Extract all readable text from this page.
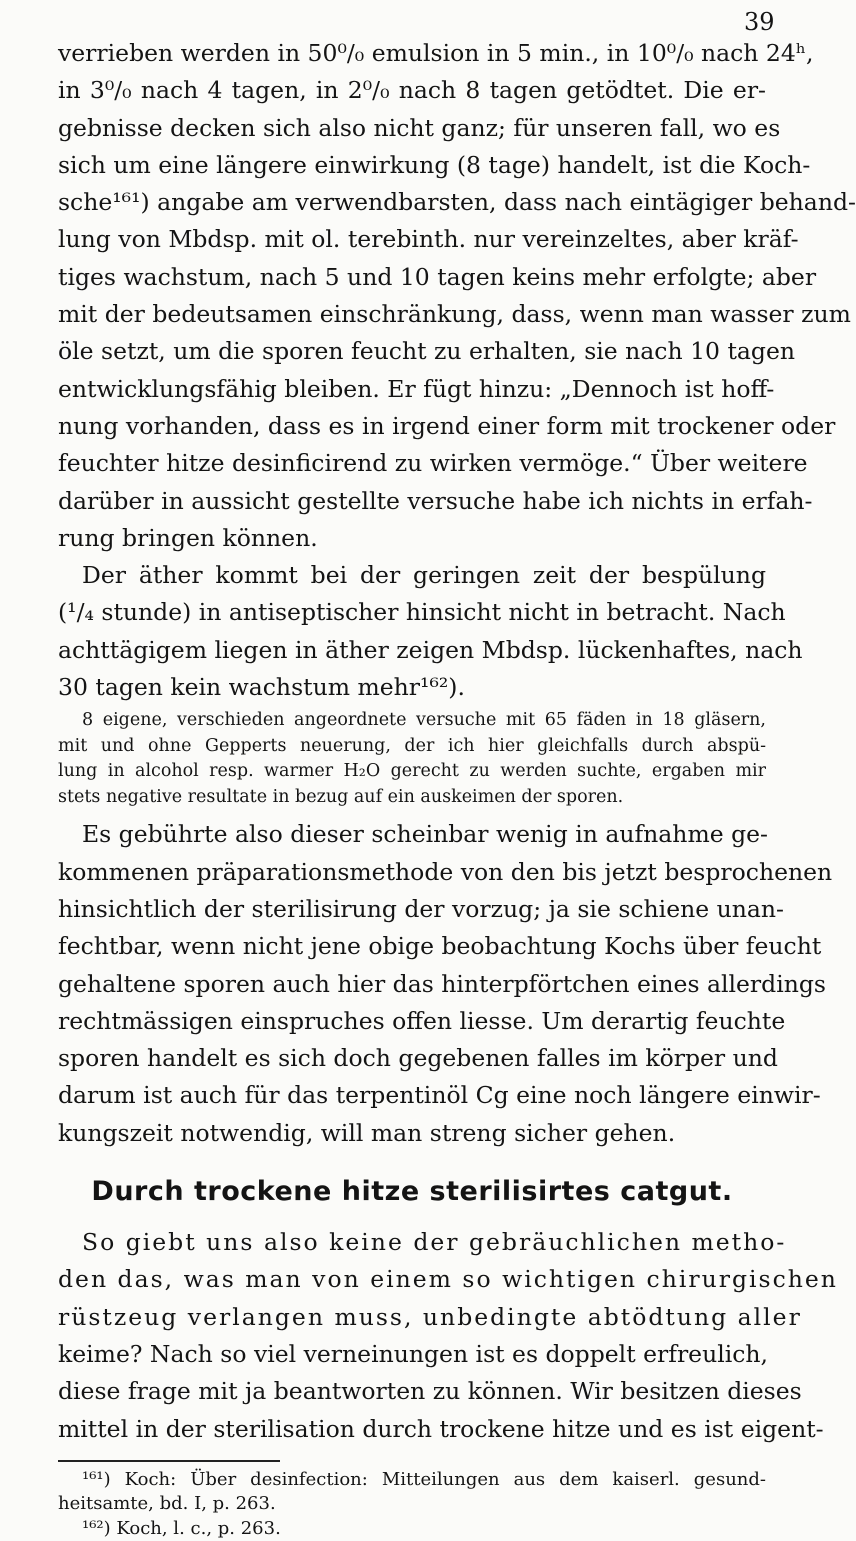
39
verrieben werden in 50⁰/₀ emulsion in 5 min., in 10⁰/₀ nach 24ʰ,
in 3⁰/₀ nach 4 tagen, in 2⁰/₀ nach 8 tagen getödtet. Die er-
gebnisse decken sich also nicht ganz; für unseren fall, wo es
sich um eine längere einwirkung (8 tage) handelt, ist die Koch-
sche¹⁶¹) angabe am verwendbarsten, dass nach eintägiger behand-
lung von Mbdsp. mit ol. terebinth. nur vereinzeltes, aber kräf-
tiges wachstum, nach 5 und 10 tagen keins mehr erfolgte; aber
mit der bedeutsamen einschränkung, dass, wenn man wasser zum
öle setzt, um die sporen feucht zu erhalten, sie nach 10 tagen
entwicklungsfähig bleiben. Er fügt hinzu: „Dennoch ist hoff-
nung vorhanden, dass es in irgend einer form mit trockener oder
feuchter hitze desinficirend zu wirken vermöge.“ Über weitere
darüber in aussicht gestellte versuche habe ich nichts in erfah-
rung bringen können.
Der äther kommt bei der geringen zeit der bespülung
(¹/₄ stunde) in antiseptischer hinsicht nicht in betracht. Nach
achttägigem liegen in äther zeigen Mbdsp. lückenhaftes, nach
30 tagen kein wachstum mehr¹⁶²).
8 eigene, verschieden angeordnete versuche mit 65 fäden in 18 gläsern,
mit und ohne Gepperts neuerung, der ich hier gleichfalls durch abspü-
lung in alcohol resp. warmer H₂O gerecht zu werden suchte, ergaben mir
stets negative resultate in bezug auf ein auskeimen der sporen.
Es gebührte also dieser scheinbar wenig in aufnahme ge-
kommenen präparationsmethode von den bis jetzt besprochenen
hinsichtlich der sterilisirung der vorzug; ja sie schiene unan-
fechtbar, wenn nicht jene obige beobachtung Kochs über feucht
gehaltene sporen auch hier das hinterpförtchen eines allerdings
rechtmässigen einspruches offen liesse. Um derartig feuchte
sporen handelt es sich doch gegebenen falles im körper und
darum ist auch für das terpentinöl Cg eine noch längere einwir-
kungszeit notwendig, will man streng sicher gehen.
Durch trockene hitze sterilisirtes catgut.
So giebt uns also keine der gebräuchlichen metho-
den das, was man von einem so wichtigen chirurgischen
rüstzeug verlangen muss, unbedingte abtödtung aller
keime? Nach so viel verneinungen ist es doppelt erfreulich,
diese frage mit ja beantworten zu können. Wir besitzen dieses
mittel in der sterilisation durch trockene hitze und es ist eigent-
¹⁶¹) Koch: Über desinfection: Mitteilungen aus dem kaiserl. gesund-
heitsamte, bd. I, p. 263.
¹⁶²) Koch, l. c., p. 263.
